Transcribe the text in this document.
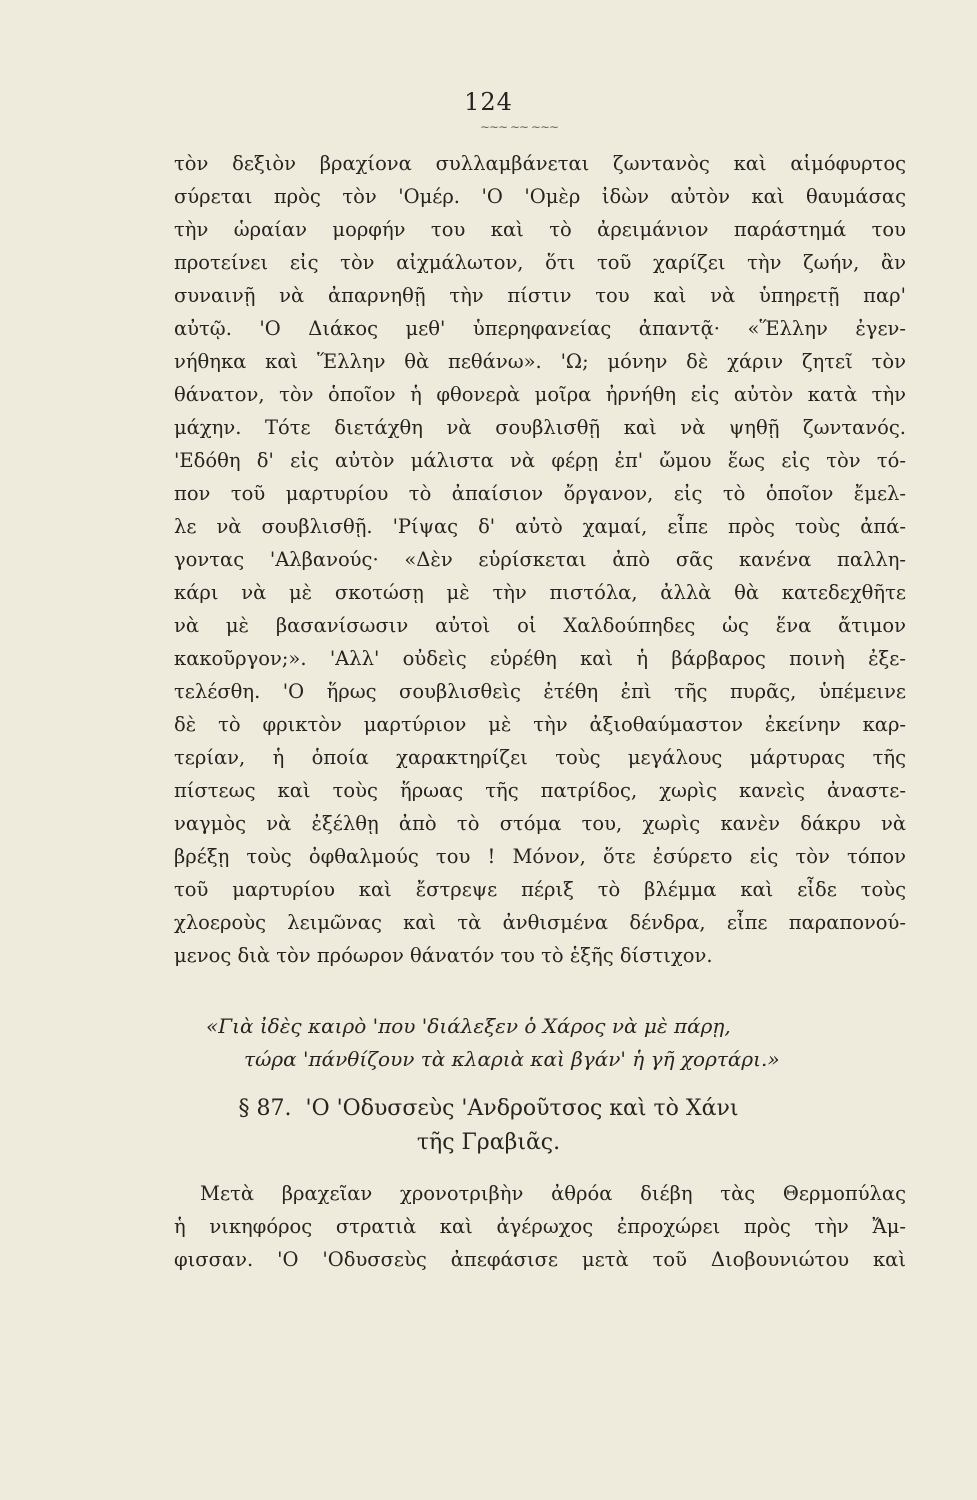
124
∼∼∼ ∼∼ ∼∼∼
τὸν δεξιὸν βραχίονα συλλαμβάνεται ζωντανὸς καὶ αἱμόφυρτος
σύρεται πρὸς τὸν 'Ομέρ. 'Ο 'Ομὲρ ἰδὼν αὐτὸν καὶ θαυμάσας
τὴν ὡραίαν μορφήν του καὶ τὸ ἀρειμάνιον παράστημά του
προτείνει εἰς τὸν αἰχμάλωτον, ὅτι τοῦ χαρίζει τὴν ζωήν, ἂν
συναινῇ νὰ ἀπαρνηθῇ τὴν πίστιν του καὶ νὰ ὑπηρετῇ παρ'
αὐτῷ. 'Ο Διάκος μεθ' ὑπερηφανείας ἀπαντᾷ· «Ἕλλην ἐγεν-
νήθηκα καὶ Ἕλλην θὰ πεθάνω». 'Ω; μόνην δὲ χάριν ζητεῖ τὸν
θάνατον, τὸν ὁποῖον ἡ φθονερὰ μοῖρα ἠρνήθη εἰς αὐτὸν κατὰ τὴν
μάχην. Τότε διετάχθη νὰ σουβλισθῇ καὶ νὰ ψηθῇ ζωντανός.
'Εδόθη δ' εἰς αὐτὸν μάλιστα νὰ φέρῃ ἐπ' ὤμου ἕως εἰς τὸν τό-
πον τοῦ μαρτυρίου τὸ ἀπαίσιον ὄργανον, εἰς τὸ ὁποῖον ἔμελ-
λε νὰ σουβλισθῇ. 'Ρίψας δ' αὐτὸ χαμαί, εἶπε πρὸς τοὺς ἀπά-
γοντας 'Αλβανούς· «Δὲν εὑρίσκεται ἀπὸ σᾶς κανένα παλλη-
κάρι νὰ μὲ σκοτώσῃ μὲ τὴν πιστόλα, ἀλλὰ θὰ κατεδεχθῆτε
νὰ μὲ βασανίσωσιν αὐτοὶ οἱ Χαλδούπηδες ὡς ἕνα ἄτιμον
κακοῦργον;». 'Αλλ' οὐδεὶς εὑρέθη καὶ ἡ βάρβαρος ποινὴ ἐξε-
τελέσθη. 'Ο ἥρως σουβλισθεὶς ἐτέθη ἐπὶ τῆς πυρᾶς, ὑπέμεινε
δὲ τὸ φρικτὸν μαρτύριον μὲ τὴν ἀξιοθαύμαστον ἐκείνην καρ-
τερίαν, ἡ ὁποία χαρακτηρίζει τοὺς μεγάλους μάρτυρας τῆς
πίστεως καὶ τοὺς ἥρωας τῆς πατρίδος, χωρὶς κανεὶς ἀναστε-
ναγμὸς νὰ ἐξέλθῃ ἀπὸ τὸ στόμα του, χωρὶς κανὲν δάκρυ νὰ
βρέξῃ τοὺς ὀφθαλμούς του ! Μόνον, ὅτε ἐσύρετο εἰς τὸν τόπον
τοῦ μαρτυρίου καὶ ἔστρεψε πέριξ τὸ βλέμμα καὶ εἶδε τοὺς
χλοεροὺς λειμῶνας καὶ τὰ ἀνθισμένα δένδρα, εἶπε παραπονού-
μενος διὰ τὸν πρόωρον θάνατόν του τὸ ἑξῆς δίστιχον.
«Γιὰ ἰδὲς καιρὸ 'που 'διάλεξεν ὁ Χάρος νὰ μὲ πάρῃ,
τώρα 'πάνθίζουν τὰ κλαριὰ καὶ βγάν' ἡ γῆ χορτάρι.»
§ 87. 'Ο 'Οδυσσεὺς 'Ανδροῦτσος καὶ τὸ Χάνι
τῆς Γραβιᾶς.
Μετὰ βραχεῖαν χρονοτριβὴν ἀθρόα διέβη τὰς Θερμοπύλας
ἡ νικηφόρος στρατιὰ καὶ ἀγέρωχος ἐπροχώρει πρὸς τὴν Ἄμ-
φισσαν. 'Ο 'Οδυσσεὺς ἀπεφάσισε μετὰ τοῦ Διοβουνιώτου καὶ
